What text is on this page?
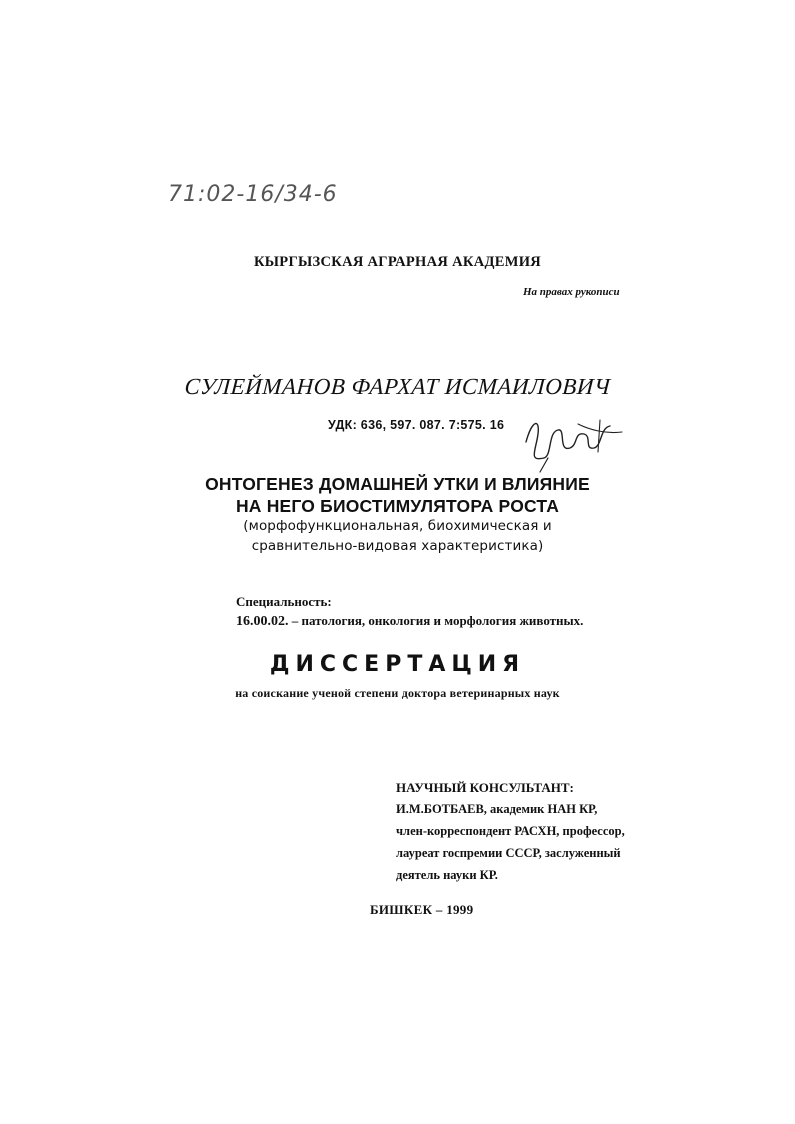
71:02-16/34-6
КЫРГЫЗСКАЯ АГРАРНАЯ АКАДЕМИЯ
На правах рукописи
СУЛЕЙМАНОВ ФАРХАТ ИСМАИЛОВИЧ
УДК: 636, 597. 087. 7:575. 16
ОНТОГЕНЕЗ ДОМАШНЕЙ УТКИ И ВЛИЯНИЕ
НА НЕГО БИОСТИМУЛЯТОРА РОСТА
(морфофункциональная, биохимическая и
сравнительно-видовая характеристика)
Специальность:
16.00.02. – патология, онкология и морфология животных.
ДИССЕРТАЦИЯ
на соискание ученой степени доктора ветеринарных наук
НАУЧНЫЙ КОНСУЛЬТАНТ:
И.М.БОТБАЕВ, академик НАН КР,
член-корреспондент РАСХН, профессор,
лауреат госпремии СССР, заслуженный
деятель науки КР.
БИШКЕК – 1999
